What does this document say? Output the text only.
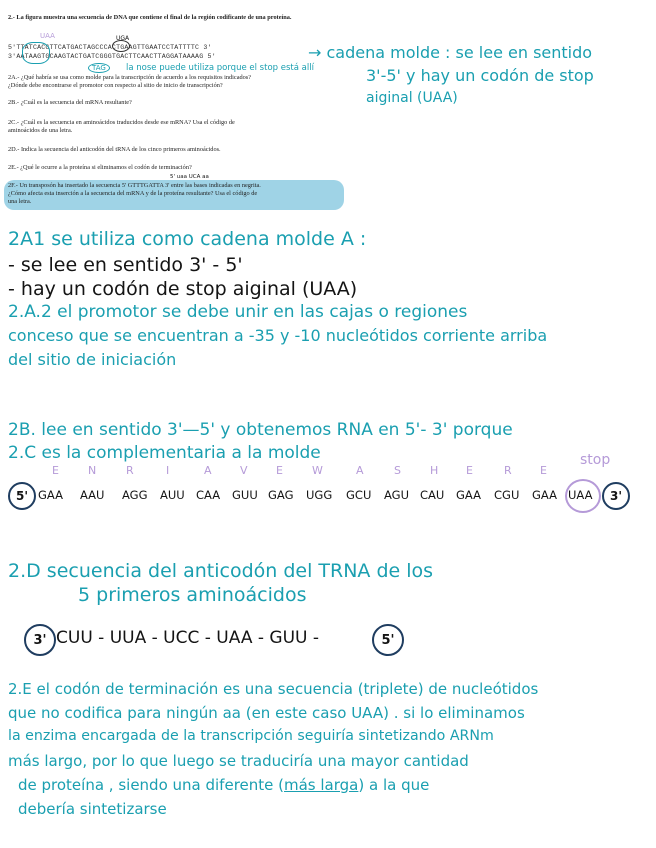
2.- La figura muestra una secuencia de DNA que contiene el final de la región codificante de una proteína.
UAA	UGA
5'TTATCACGTTCATGACTAGCCCACTGAAGTTGAATCCTATTTTC 3'
3'AATAAGTGCAAGTACTGATCGGGTGACTTCAACTTAGGATAAAAG 5'
TAG	la nose puede utiliza porque el stop está allí
→ cadena molde : se lee en sentido
3'-5' y hay un codón de stop
aiginal (UAA)
2A.- ¿Qué habría se usa como molde para la transcripción de acuerdo a los requisitos indicados?
¿Dónde debe encontrarse el promotor con respecto al sitio de inicio de transcripción?
2B.- ¿Cuál es la secuencia del mRNA resultante?
2C.- ¿Cuál es la secuencia en aminoácidos traducidos desde ese mRNA? Usa el código de
aminoácidos de una letra.
2D.- Indica la secuencia del anticodón del tRNA de los cinco primeros aminoácidos.
2E.- ¿Qué le ocurre a la proteína si eliminamos el codón de terminación?
5' uaa UCA aa
2F.- Un transposón ha insertado la secuencia 5' GTTTGATTA 3' entre las bases indicadas en negrita.
¿Cómo afecta esta inserción a la secuencia del mRNA y de la proteína resultante? Usa el código de
una letra.
2A1 se utiliza como cadena molde A :
- se lee en sentido 3' - 5'
- hay un codón de stop aiginal (UAA)
2.A.2 el promotor se debe unir en las cajas o regiones
conceso que se encuentran a -35 y -10 nucleótidos corriente arriba
del sitio de iniciación
2B. lee en sentido 3'—5' y obtenemos RNA en 5'- 3' porque
2.C es la complementaria a la molde	stop
E	N	R	I	A	V	E	W	A	S	H	E	R	E
5' GAA AAU AGG AUU CAA GUU GAG UGG GCU AGU CAU GAA CGU GAA UAA	3'
2.D secuencia del anticodón del TRNA de los
5 primeros aminoácidos
3' CUU - UUA - UCC - UAA - GUU -	5'
2.E el codón de terminación es una secuencia (triplete) de nucleótidos
que no codifica para ningún aa (en este caso UAA) . si lo eliminamos
la enzima encargada de la transcripción seguiría sintetizando ARNm
más largo, por lo que luego se traduciría una mayor cantidad
de proteína , siendo una diferente (más larga) a la que
debería sintetizarse
